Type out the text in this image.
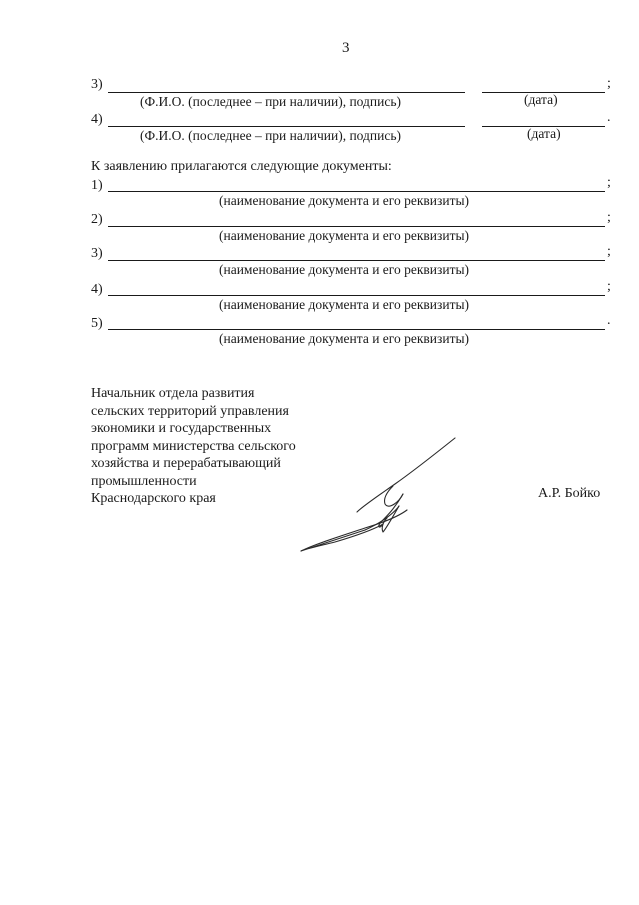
3
3)	;
(Ф.И.О. (последнее – при наличии), подпись)	(дата)
4)	.
(Ф.И.О. (последнее – при наличии), подпись)	(дата)
К заявлению прилагаются следующие документы:
1)	;
(наименование документа и его реквизиты)
2)	;
(наименование документа и его реквизиты)
3)	;
(наименование документа и его реквизиты)
4)	;
(наименование документа и его реквизиты)
5)	.
(наименование документа и его реквизиты)
Начальник отдела развития
сельских территорий управления
экономики и государственных
программ министерства сельского
хозяйства и перерабатывающий
промышленности
Краснодарского края	А.Р. Бойко
